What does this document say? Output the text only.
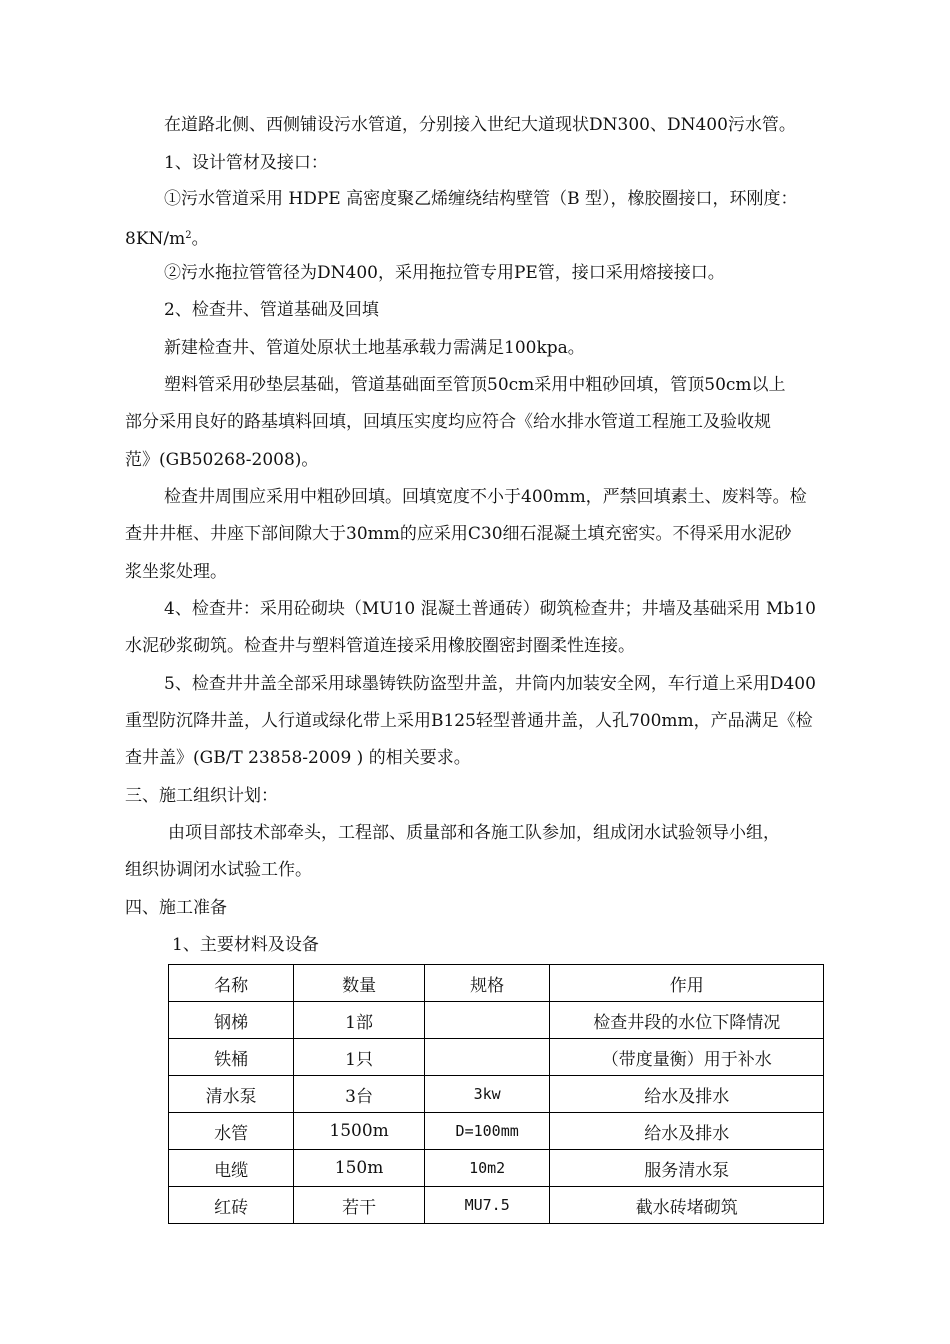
在道路北侧、西侧铺设污水管道，分别接入世纪大道现状DN300、DN400污水管。
1、设计管材及接口：
①污水管道采用 HDPE 高密度聚乙烯缠绕结构壁管（B 型），橡胶圈接口，环刚度：
$8KN/m^2$。
②污水拖拉管管径为DN400，采用拖拉管专用PE管，接口采用熔接接口。
2、检查井、管道基础及回填
新建检查井、管道处原状土地基承载力需满足100kpa。
塑料管采用砂垫层基础，管道基础面至管顶50cm采用中粗砂回填，管顶50cm以上
部分采用良好的路基填料回填，回填压实度均应符合《给水排水管道工程施工及验收规
范》(GB50268-2008)。
检查井周围应采用中粗砂回填。回填宽度不小于400mm，严禁回填素土、废料等。检
查井井框、井座下部间隙大于30mm的应采用C30细石混凝土填充密实。不得采用水泥砂
浆坐浆处理。
4、检查井：采用砼砌块（MU10 混凝土普通砖）砌筑检查井；井墙及基础采用 Mb10
水泥砂浆砌筑。检查井与塑料管道连接采用橡胶圈密封圈柔性连接。
5、检查井井盖全部采用球墨铸铁防盗型井盖，井筒内加装安全网，车行道上采用D400
重型防沉降井盖，人行道或绿化带上采用B125轻型普通井盖，人孔700mm，产品满足《检
查井盖》(GB/T 23858-2009 ) 的相关要求。
三、施工组织计划：
由项目部技术部牵头，工程部、质量部和各施工队参加，组成闭水试验领导小组，
组织协调闭水试验工作。
四、施工准备
1、主要材料及设备
名称	数量	规格	作用
钢梯	1部		检查井段的水位下降情况
铁桶	1只		（带度量衡）用于补水
清水泵	3台	3kw	给水及排水
水管	1500m	D=100mm	给水及排水
电缆	150m	10m2	服务清水泵
红砖	若干	MU7.5	截水砖堵砌筑
